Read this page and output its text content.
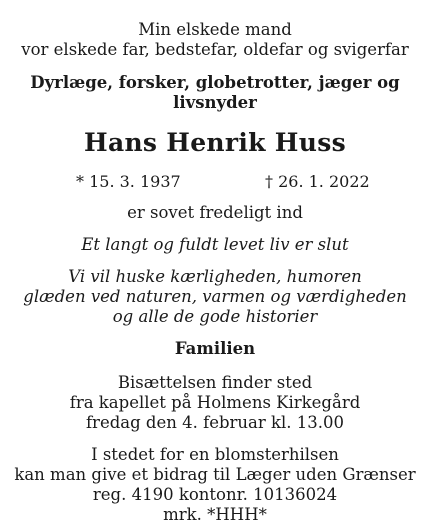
Min elskede mand
vor elskede far, bedstefar, oldefar og svigerfar
Dyrlæge, forsker, globetrotter, jæger og
livsnyder
Hans Henrik Huss
* 15. 3. 1937	† 26. 1. 2022
er sovet fredeligt ind
Et langt og fuldt levet liv er slut
Vi vil huske kærligheden, humoren
glæden ved naturen, varmen og værdigheden
og alle de gode historier
Familien
Bisættelsen finder sted
fra kapellet på Holmens Kirkegård
fredag den 4. februar kl. 13.00
I stedet for en blomsterhilsen
kan man give et bidrag til Læger uden Grænser
reg. 4190 kontonr. 10136024
mrk. *HHH*
